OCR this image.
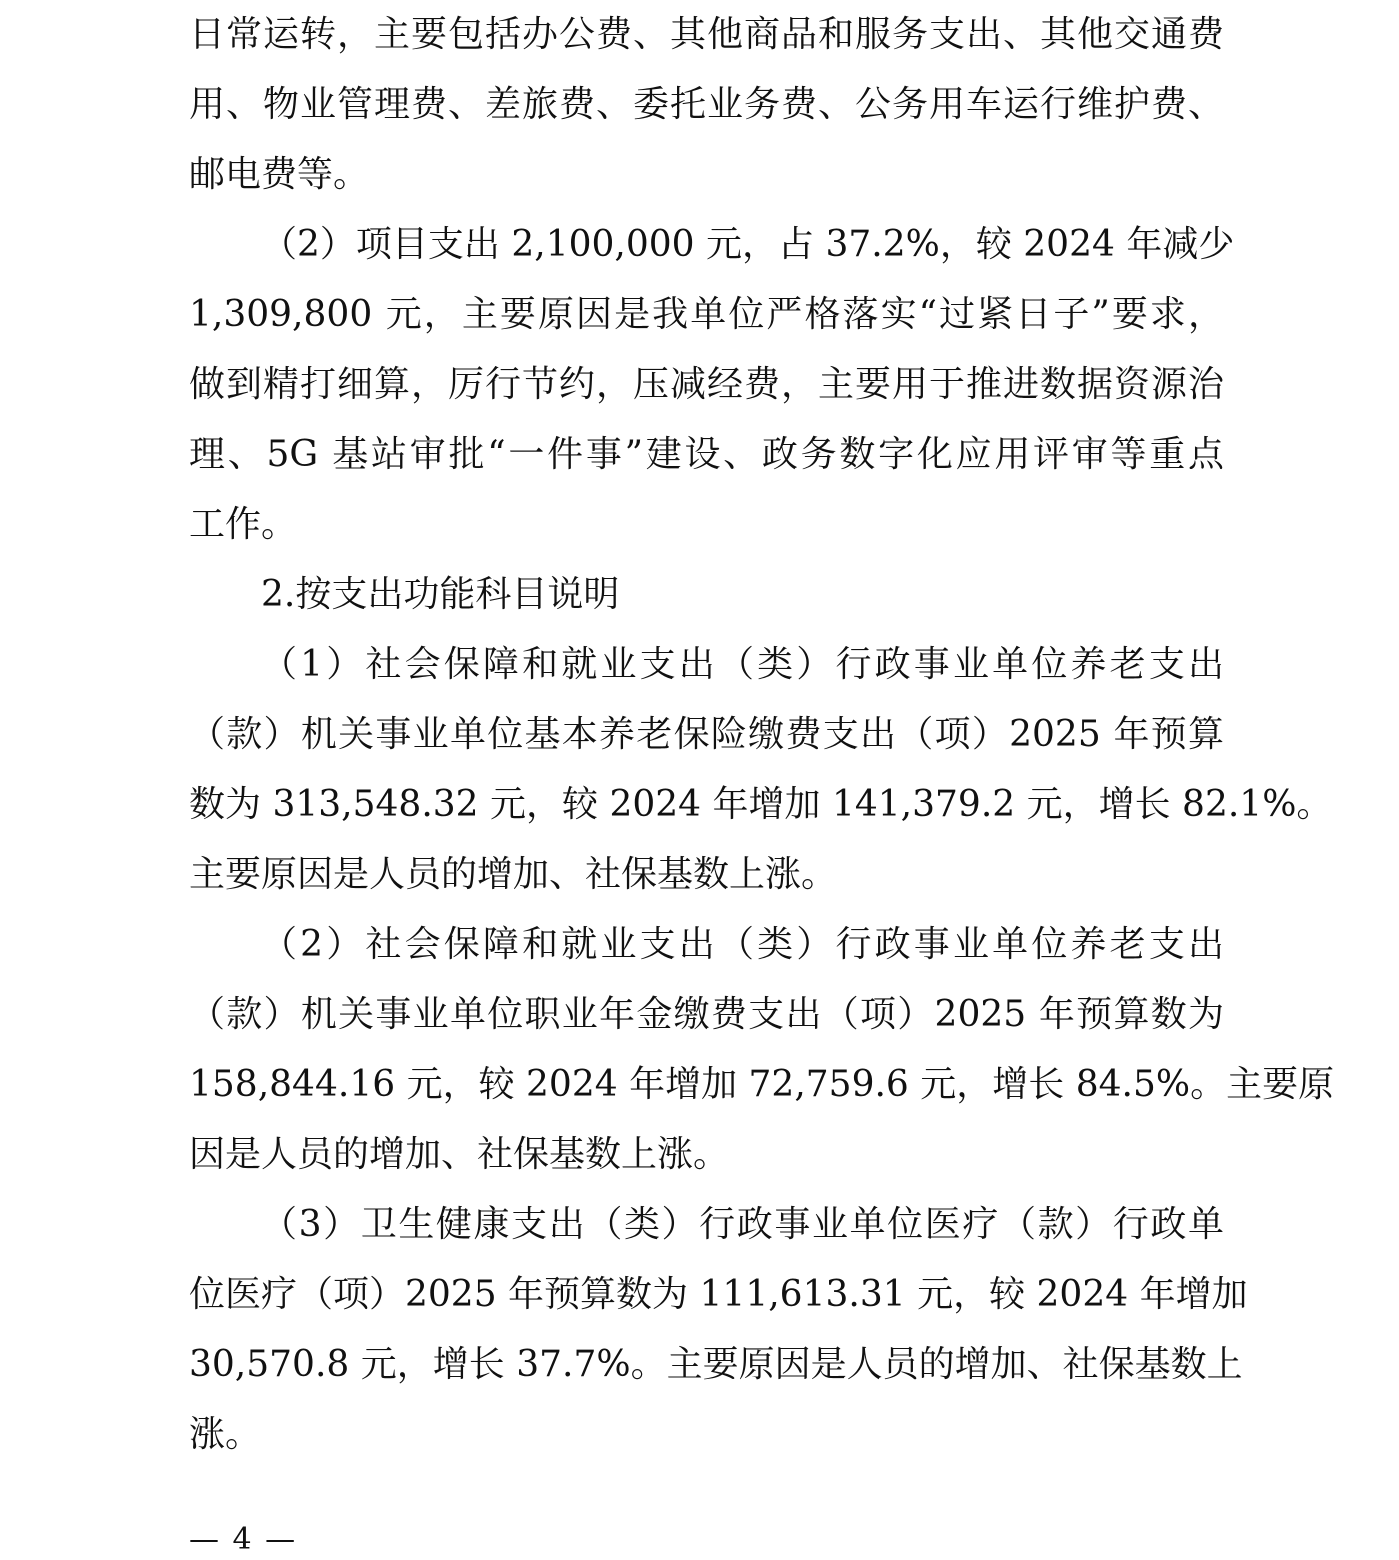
日常运转，主要包括办公费、其他商品和服务支出、其他交通费
用、物业管理费、差旅费、委托业务费、公务用车运行维护费、
邮电费等。
（2）项目支出 2,100,000 元，占 37.2%，较 2024 年减少
1,309,800 元，主要原因是我单位严格落实“过紧日子”要求，
做到精打细算，厉行节约，压减经费，主要用于推进数据资源治
理、5G 基站审批“一件事”建设、政务数字化应用评审等重点
工作。
2.按支出功能科目说明
（1）社会保障和就业支出（类）行政事业单位养老支出
（款）机关事业单位基本养老保险缴费支出（项）2025 年预算
数为 313,548.32 元，较 2024 年增加 141,379.2 元，增长 82.1%。
主要原因是人员的增加、社保基数上涨。
（2）社会保障和就业支出（类）行政事业单位养老支出
（款）机关事业单位职业年金缴费支出（项）2025 年预算数为
158,844.16 元，较 2024 年增加 72,759.6 元，增长 84.5%。主要原
因是人员的增加、社保基数上涨。
（3）卫生健康支出（类）行政事业单位医疗（款）行政单
位医疗（项）2025 年预算数为 111,613.31 元，较 2024 年增加
30,570.8 元，增长 37.7%。主要原因是人员的增加、社保基数上
涨。
— 4 —
